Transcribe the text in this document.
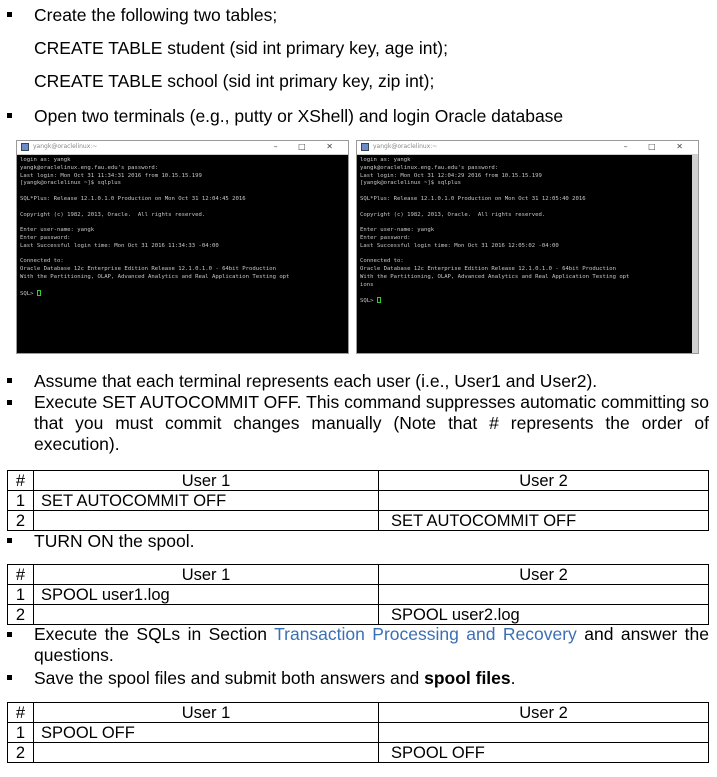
Create the following two tables;
CREATE TABLE student (sid int primary key, age int);
CREATE TABLE school (sid int primary key, zip int);
Open two terminals (e.g., putty or XShell) and login Oracle database
yangk@oraclelinux:~	– □ ✕
login as: yangk
yangk@oraclelinux.eng.fau.edu's password:
Last login: Mon Oct 31 11:34:31 2016 from 10.15.15.199
[yangk@oraclelinux ~]$ sqlplus

SQL*Plus: Release 12.1.0.1.0 Production on Mon Oct 31 12:04:45 2016

Copyright (c) 1982, 2013, Oracle.  All rights reserved.

Enter user-name: yangk
Enter password:
Last Successful login time: Mon Oct 31 2016 11:34:33 -04:00

Connected to:
Oracle Database 12c Enterprise Edition Release 12.1.0.1.0 - 64bit Production
With the Partitioning, OLAP, Advanced Analytics and Real Application Testing opt

SQL>
yangk@oraclelinux:~	– □ ✕
login as: yangk
yangk@oraclelinux.eng.fau.edu's password:
Last login: Mon Oct 31 12:04:29 2016 from 10.15.15.199
[yangk@oraclelinux ~]$ sqlplus

SQL*Plus: Release 12.1.0.1.0 Production on Mon Oct 31 12:05:40 2016

Copyright (c) 1982, 2013, Oracle.  All rights reserved.

Enter user-name: yangk
Enter password:
Last Successful login time: Mon Oct 31 2016 12:05:02 -04:00

Connected to:
Oracle Database 12c Enterprise Edition Release 12.1.0.1.0 - 64bit Production
With the Partitioning, OLAP, Advanced Analytics and Real Application Testing opt
ions

SQL>
Assume that each terminal represents each user (i.e., User1 and User2).
Execute SET AUTOCOMMIT OFF. This command suppresses automatic committing so that you must commit changes manually (Note that # represents the order of execution).
#	User 1	User 2
1	SET AUTOCOMMIT OFF	
2		SET AUTOCOMMIT OFF
TURN ON the spool.
#	User 1	User 2
1	SPOOL user1.log	
2		SPOOL user2.log
Execute the SQLs in Section Transaction Processing and Recovery and answer the questions.
Save the spool files and submit both answers and spool files.
#	User 1	User 2
1	SPOOL OFF	
2		SPOOL OFF
